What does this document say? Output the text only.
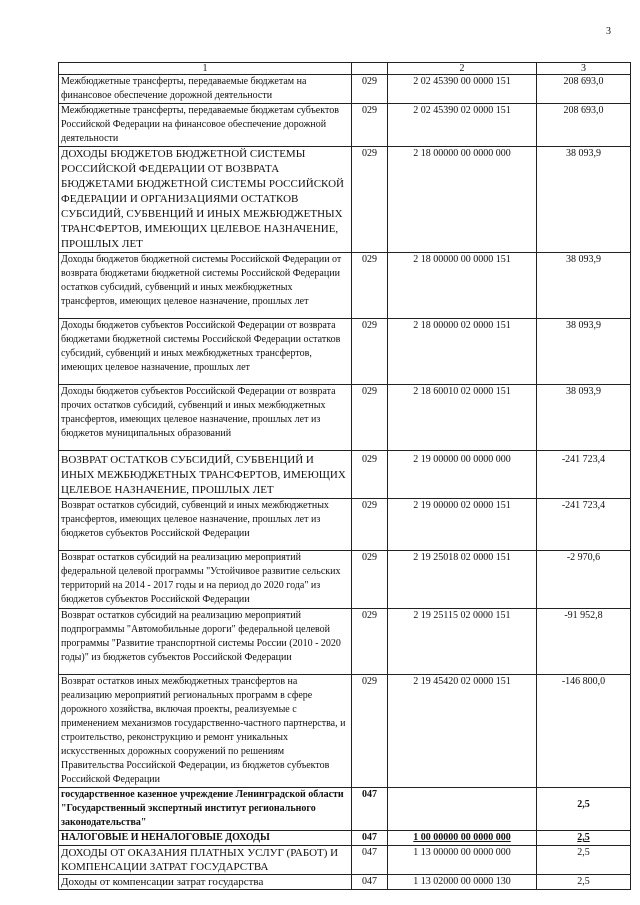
3
1		2	3
Межбюджетные трансферты, передаваемые бюджетам на финансовое обеспечение дорожной деятельности	029	2 02 45390 00 0000 151	208 693,0
Межбюджетные трансферты, передаваемые бюджетам субъектов Российской Федерации на финансовое обеспечение дорожной деятельности	029	2 02 45390 02 0000 151	208 693,0
ДОХОДЫ БЮДЖЕТОВ БЮДЖЕТНОЙ СИСТЕМЫ РОССИЙСКОЙ ФЕДЕРАЦИИ ОТ ВОЗВРАТА БЮДЖЕТАМИ БЮДЖЕТНОЙ СИСТЕМЫ РОССИЙСКОЙ ФЕДЕРАЦИИ И ОРГАНИЗАЦИЯМИ ОСТАТКОВ СУБСИДИЙ, СУБВЕНЦИЙ И ИНЫХ МЕЖБЮДЖЕТНЫХ ТРАНСФЕРТОВ, ИМЕЮЩИХ ЦЕЛЕВОЕ НАЗНАЧЕНИЕ, ПРОШЛЫХ ЛЕТ	029	2 18 00000 00 0000 000	38 093,9
Доходы бюджетов бюджетной системы Российской Федерации от возврата бюджетами бюджетной системы Российской Федерации остатков субсидий, субвенций и иных межбюджетных трансфертов, имеющих целевое назначение, прошлых лет	029	2 18 00000 00 0000 151	38 093,9
Доходы бюджетов субъектов Российской Федерации от возврата бюджетами бюджетной системы Российской Федерации остатков субсидий, субвенций и иных межбюджетных трансфертов, имеющих целевое назначение, прошлых лет	029	2 18 00000 02 0000 151	38 093,9
Доходы бюджетов субъектов Российской Федерации от возврата прочих остатков субсидий, субвенций и иных межбюджетных трансфертов, имеющих целевое назначение, прошлых лет из бюджетов муниципальных образований	029	2 18 60010 02 0000 151	38 093,9
ВОЗВРАТ ОСТАТКОВ СУБСИДИЙ, СУБВЕНЦИЙ И ИНЫХ МЕЖБЮДЖЕТНЫХ ТРАНСФЕРТОВ, ИМЕЮЩИХ ЦЕЛЕВОЕ НАЗНАЧЕНИЕ, ПРОШЛЫХ ЛЕТ	029	2 19 00000 00 0000 000	-241 723,4
Возврат остатков субсидий, субвенций и иных межбюджетных трансфертов, имеющих целевое назначение, прошлых лет из бюджетов субъектов Российской Федерации	029	2 19 00000 02 0000 151	-241 723,4
Возврат остатков субсидий на реализацию мероприятий федеральной целевой программы "Устойчивое развитие сельских территорий на 2014 - 2017 годы и на период до 2020 года" из бюджетов субъектов Российской Федерации	029	2 19 25018 02 0000 151	-2 970,6
Возврат остатков субсидий на реализацию мероприятий подпрограммы "Автомобильные дороги" федеральной целевой программы "Развитие транспортной системы России (2010 - 2020 годы)" из бюджетов субъектов Российской Федерации	029	2 19 25115 02 0000 151	-91 952,8
Возврат остатков иных межбюджетных трансфертов на реализацию мероприятий региональных программ в сфере дорожного хозяйства, включая проекты, реализуемые с применением механизмов государственно-частного партнерства, и строительство, реконструкцию и ремонт уникальных искусственных дорожных сооружений по решениям Правительства Российской Федерации, из бюджетов субъектов Российской Федерации	029	2 19 45420 02 0000 151	-146 800,0
государственное казенное учреждение Ленинградской области "Государственный экспертный институт регионального законодательства"	047		2,5
НАЛОГОВЫЕ И НЕНАЛОГОВЫЕ ДОХОДЫ	047	1 00 00000 00 0000 000	2,5
ДОХОДЫ ОТ ОКАЗАНИЯ ПЛАТНЫХ УСЛУГ (РАБОТ) И КОМПЕНСАЦИИ ЗАТРАТ ГОСУДАРСТВА	047	1 13 00000 00 0000 000	2,5
Доходы от компенсации затрат государства	047	1 13 02000 00 0000 130	2,5
